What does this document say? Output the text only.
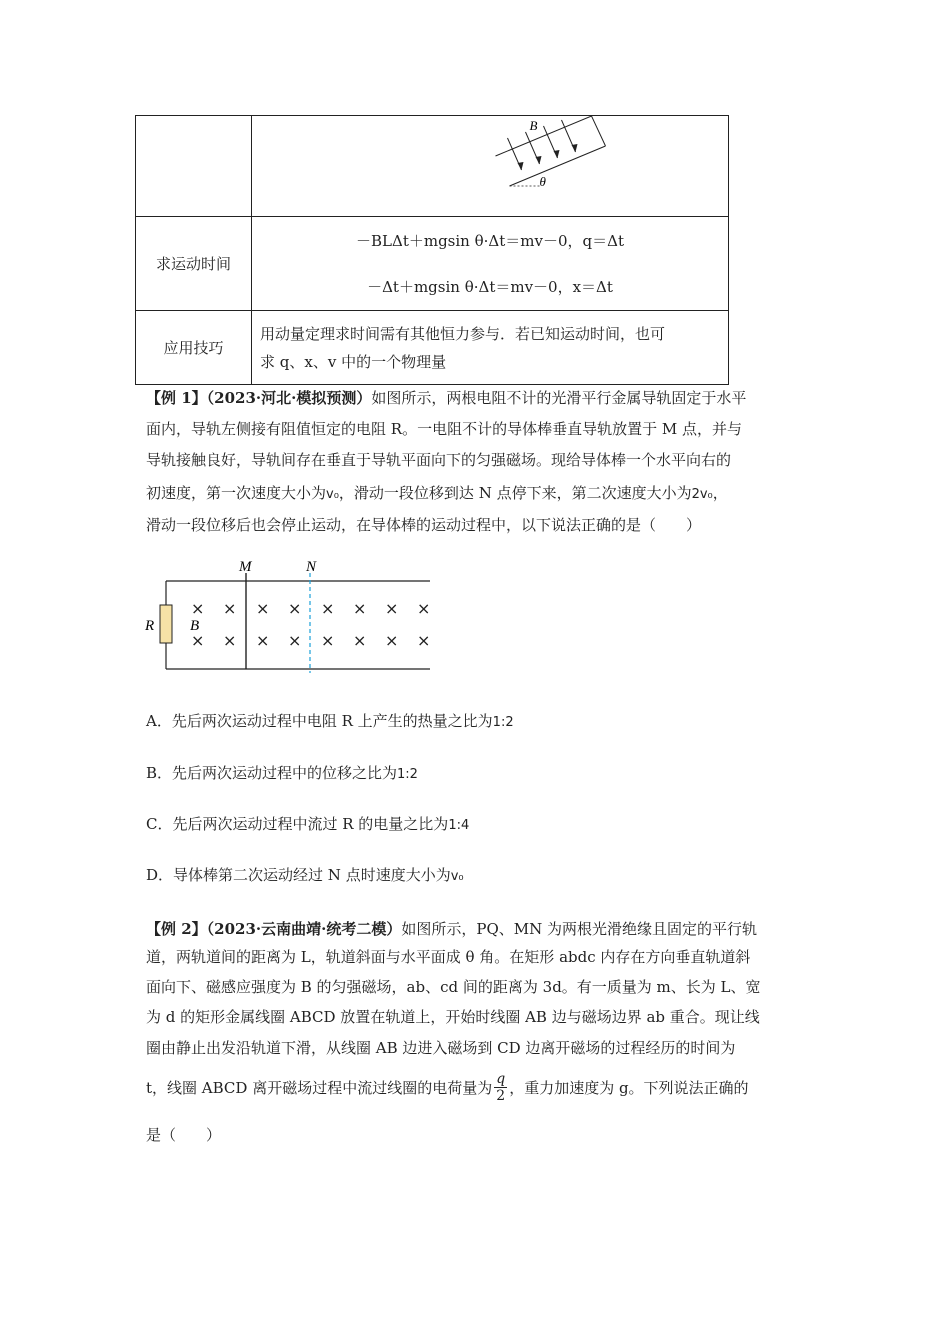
B
θ

求运动时间	－BLΔt＋mgsin θ·Δt＝mv－0，q＝Δt
－Δt＋mgsin θ·Δt＝mv－0，x＝Δt

应用技巧	用动量定理求时间需有其他恒力参与．若已知运动时间，也可
求 q、x、v 中的一个物理量
【例 1】（2023·河北·模拟预测）如图所示，两根电阻不计的光滑平行金属导轨固定于水平
面内，导轨左侧接有阻值恒定的电阻 R。一电阻不计的导体棒垂直导轨放置于 M 点，并与
导轨接触良好，导轨间存在垂直于导轨平面向下的匀强磁场。现给导体棒一个水平向右的
初速度，第一次速度大小为v₀，滑动一段位移到达 N 点停下来，第二次速度大小为2v₀，
滑动一段位移后也会停止运动，在导体棒的运动过程中，以下说法正确的是（　　）
M	N
R B
× × × × × × × ×
× × × × × × × ×
A．先后两次运动过程中电阻 R 上产生的热量之比为1:2
B．先后两次运动过程中的位移之比为1:2
C．先后两次运动过程中流过 R 的电量之比为1:4
D．导体棒第二次运动经过 N 点时速度大小为v₀
【例 2】（2023·云南曲靖·统考二模）如图所示，PQ、MN 为两根光滑绝缘且固定的平行轨
道，两轨道间的距离为 L，轨道斜面与水平面成 θ 角。在矩形 abdc 内存在方向垂直轨道斜
面向下、磁感应强度为 B 的匀强磁场，ab、cd 间的距离为 3d。有一质量为 m、长为 L、宽
为 d 的矩形金属线圈 ABCD 放置在轨道上，开始时线圈 AB 边与磁场边界 ab 重合。现让线
圈由静止出发沿轨道下滑，从线圈 AB 边进入磁场到 CD 边离开磁场的过程经历的时间为
t，线圈 ABCD 离开磁场过程中流过线圈的电荷量为 q
2 ，重力加速度为 g。下列说法正确的
是（　　）
